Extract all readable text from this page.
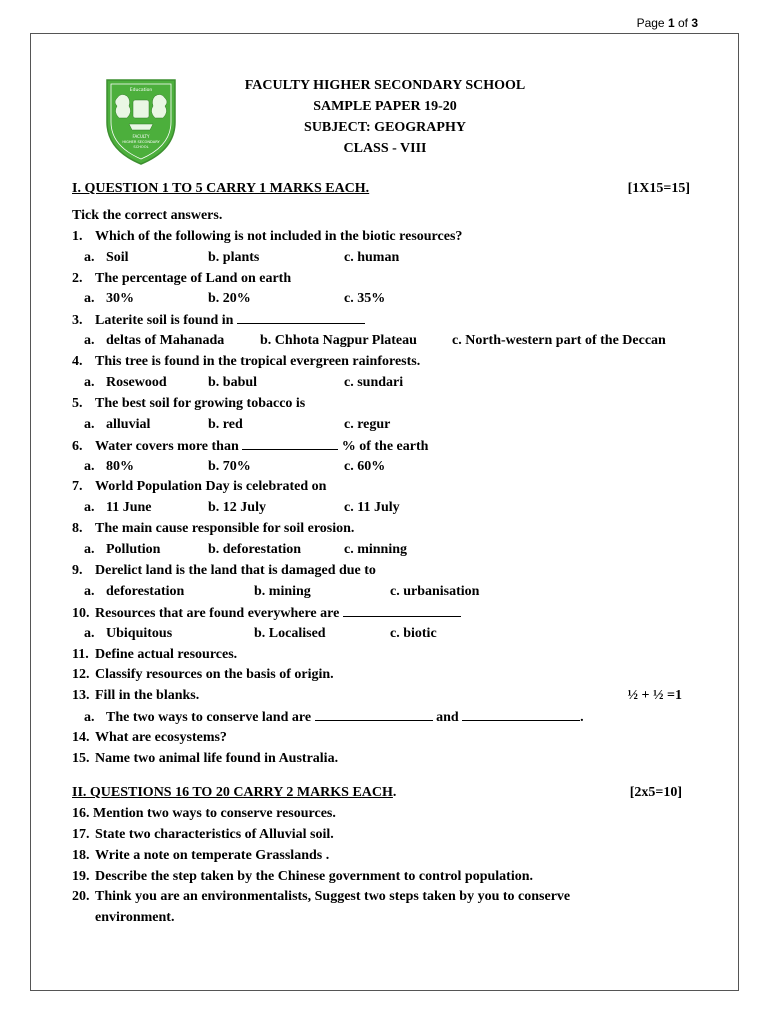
Page 1 of 3
Education
FACULTY
HIGHER SECONDARY
SCHOOL
FACULTY HIGHER SECONDARY SCHOOL
SAMPLE PAPER 19-20
SUBJECT: GEOGRAPHY
CLASS - VIII
I. QUESTION 1 TO 5 CARRY 1 MARKS EACH.	[1X15=15]
Tick the correct answers.
1. Which of the following is not included in the biotic resources?
a. Soil	b. plants	c. human
2. The percentage of Land on earth
a. 30%	b. 20%	c. 35%
3. Laterite soil is found in
a. deltas of Mahanada	b. Chhota Nagpur Plateau	c. North-western part of the Deccan
4. This tree is found in the tropical evergreen rainforests.
a. Rosewood	b. babul	c. sundari
5. The best soil for growing tobacco is
a. alluvial	b. red	c. regur
6. Water covers more than	% of the earth
a. 80%	b. 70%	c. 60%
7. World Population Day is celebrated on
a. 11 June	b. 12 July	c. 11 July
8. The main cause responsible for soil erosion.
a. Pollution	b. deforestation	c. minning
9. Derelict land is the land that is damaged due to
a. deforestation	b. mining	c. urbanisation
10. Resources that are found everywhere are
a. Ubiquitous	b. Localised	c. biotic
11. Define actual resources.
12. Classify resources on the basis of origin.
13. Fill in the blanks.	½ + ½ =1
a. The two ways to conserve land are	and	.
14. What are ecosystems?
15. Name two animal life found in Australia.
II. QUESTIONS 16 TO 20 CARRY 2 MARKS EACH.	[2x5=10]
16. Mention two ways to conserve resources.
17. State two characteristics of Alluvial soil.
18. Write a note on temperate Grasslands .
19. Describe the step taken by the Chinese government to control population.
20. Think you are an environmentalists, Suggest two steps taken by you to conserve
environment.
